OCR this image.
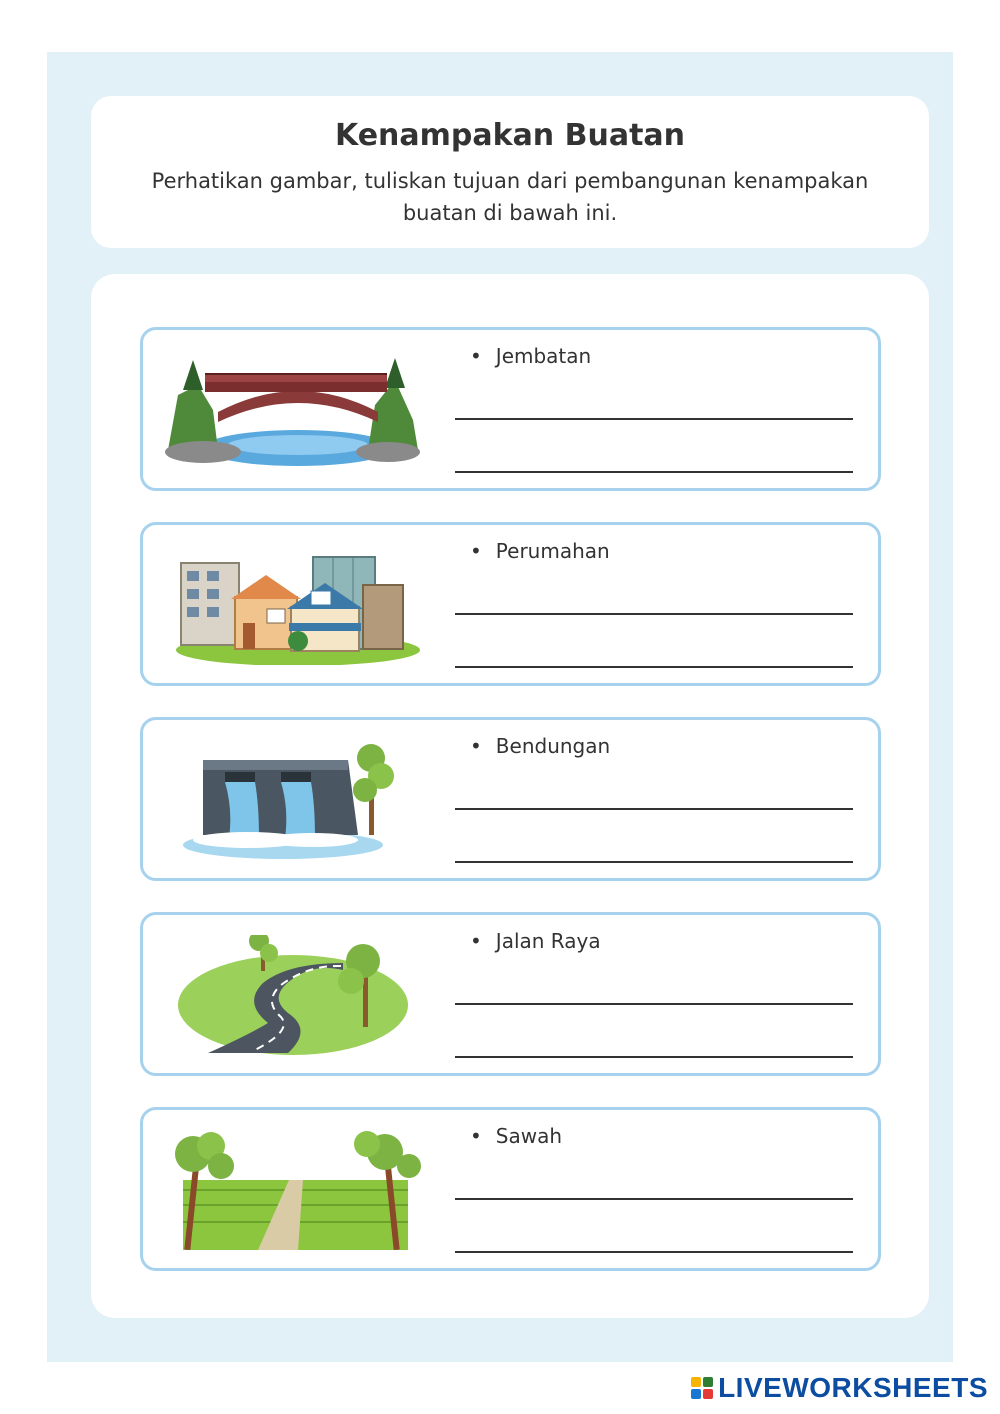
Kenampakan Buatan

Perhatikan gambar, tuliskan tujuan dari pembangunan kenampakan buatan di bawah ini.

• Jembatan
• Perumahan
• Bendungan
• Jalan Raya
• Sawah
LIVEWORKSHEETS
